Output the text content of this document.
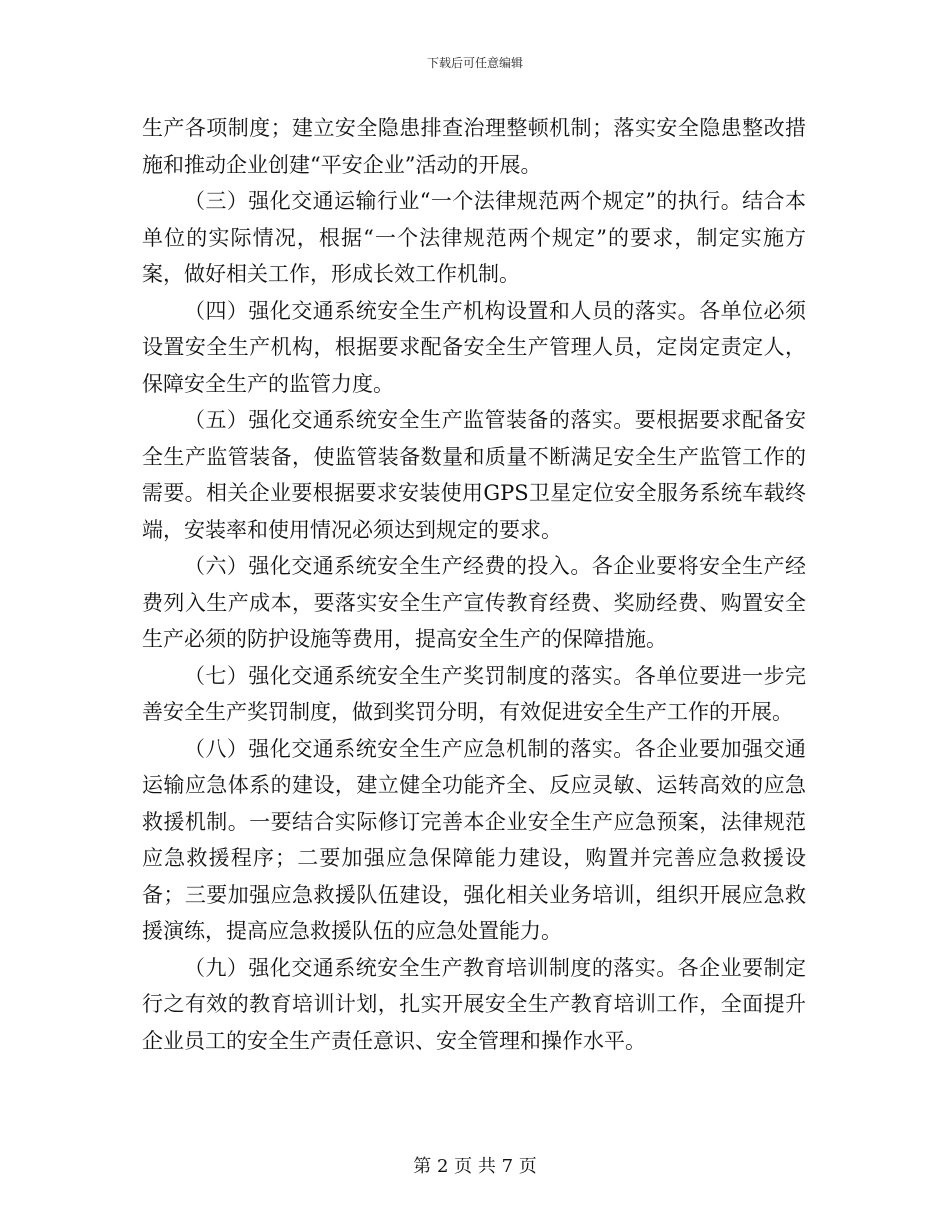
下载后可任意编辑

生产各项制度；建立安全隐患排查治理整顿机制；落实安全隐患整改措施和推动企业创建“平安企业”活动的开展。

（三）强化交通运输行业“一个法律规范两个规定”的执行。结合本单位的实际情况，根据“一个法律规范两个规定”的要求，制定实施方案，做好相关工作，形成长效工作机制。

（四）强化交通系统安全生产机构设置和人员的落实。各单位必须设置安全生产机构，根据要求配备安全生产管理人员，定岗定责定人，保障安全生产的监管力度。

（五）强化交通系统安全生产监管装备的落实。要根据要求配备安全生产监管装备，使监管装备数量和质量不断满足安全生产监管工作的需要。相关企业要根据要求安装使用GPS卫星定位安全服务系统车载终端，安装率和使用情况必须达到规定的要求。

（六）强化交通系统安全生产经费的投入。各企业要将安全生产经费列入生产成本，要落实安全生产宣传教育经费、奖励经费、购置安全生产必须的防护设施等费用，提高安全生产的保障措施。

（七）强化交通系统安全生产奖罚制度的落实。各单位要进一步完善安全生产奖罚制度，做到奖罚分明，有效促进安全生产工作的开展。

（八）强化交通系统安全生产应急机制的落实。各企业要加强交通运输应急体系的建设，建立健全功能齐全、反应灵敏、运转高效的应急救援机制。一要结合实际修订完善本企业安全生产应急预案，法律规范应急救援程序；二要加强应急保障能力建设，购置并完善应急救援设备；三要加强应急救援队伍建设，强化相关业务培训，组织开展应急救援演练，提高应急救援队伍的应急处置能力。

（九）强化交通系统安全生产教育培训制度的落实。各企业要制定行之有效的教育培训计划，扎实开展安全生产教育培训工作，全面提升企业员工的安全生产责任意识、安全管理和操作水平。

第 2 页 共 7 页
